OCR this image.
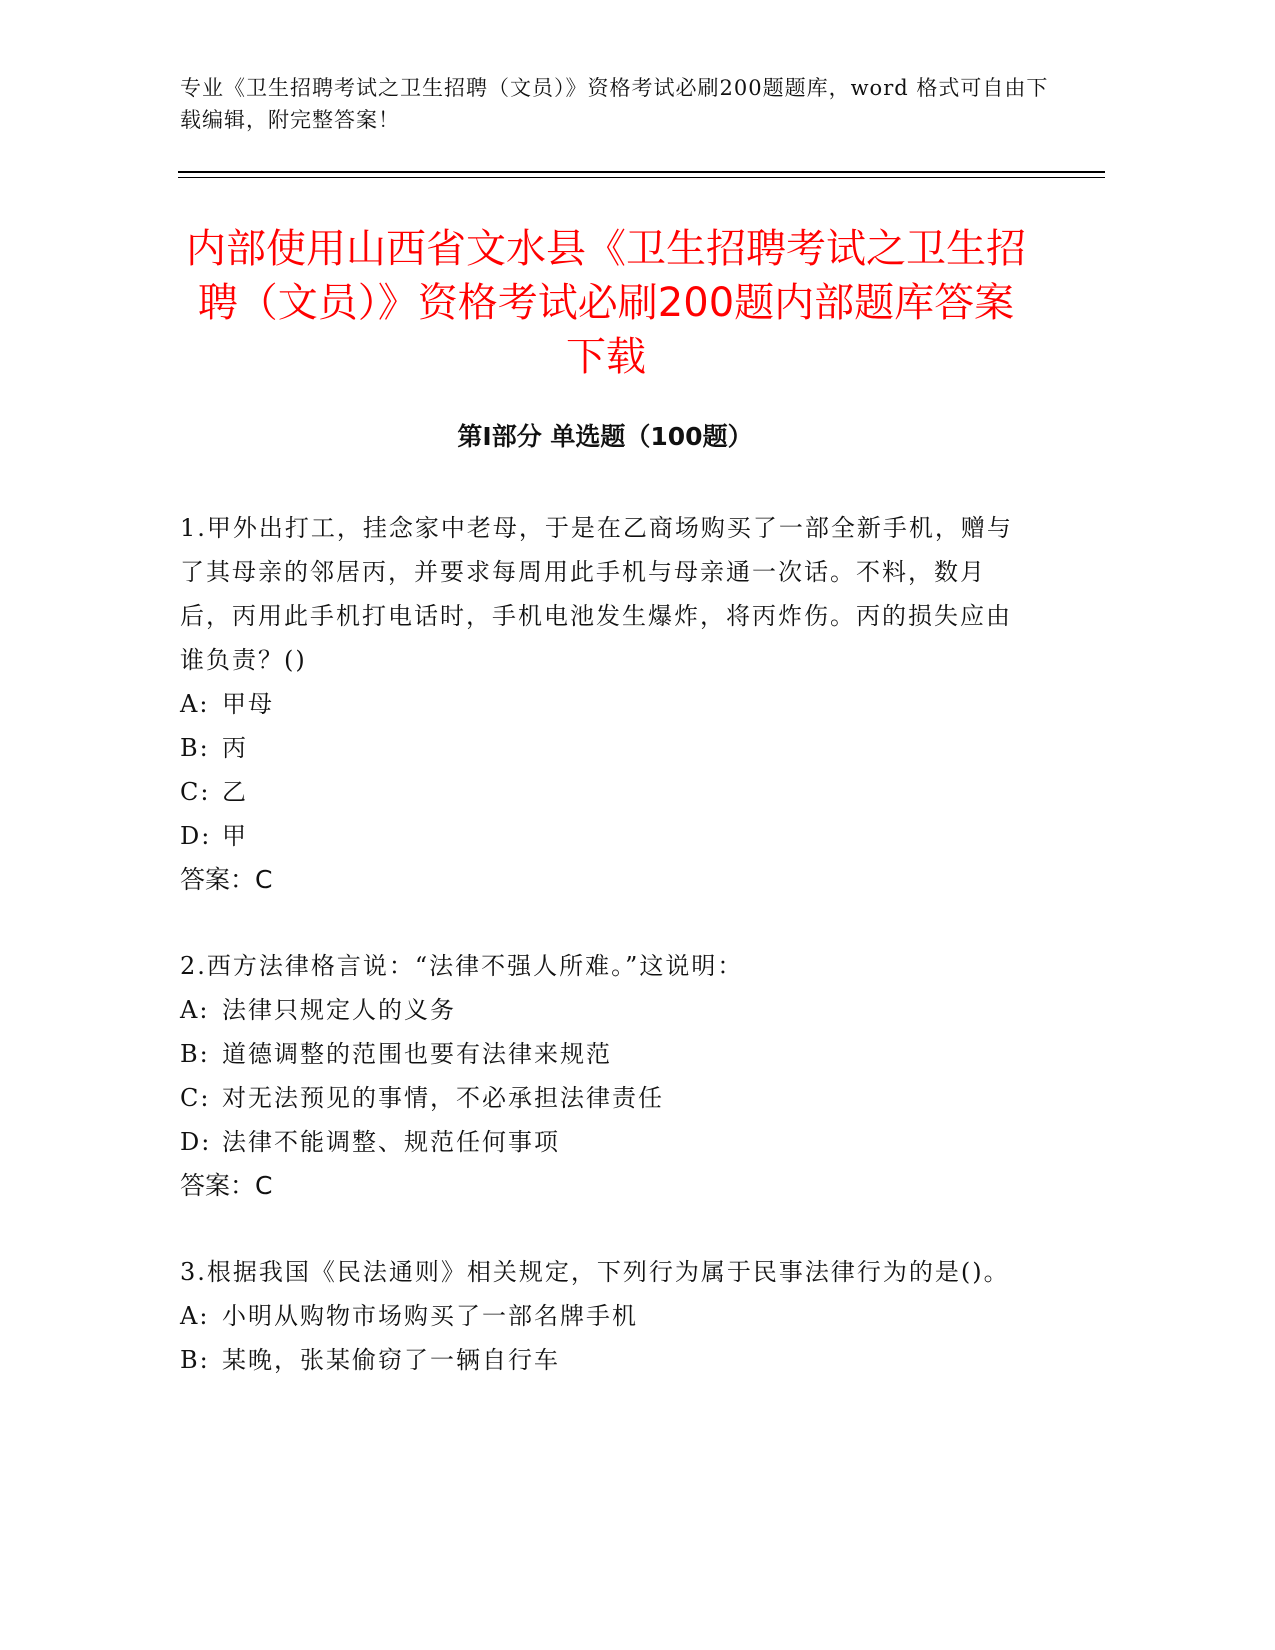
专业《卫生招聘考试之卫生招聘（文员）》资格考试必刷200题题库，word 格式可自由下载编辑，附完整答案！
内部使用山西省文水县《卫生招聘考试之卫生招聘（文员）》资格考试必刷200题内部题库答案下载
第Ⅰ部分 单选题（100题）

1.甲外出打工，挂念家中老母，于是在乙商场购买了一部全新手机，赠与了其母亲的邻居丙，并要求每周用此手机与母亲通一次话。不料，数月后，丙用此手机打电话时，手机电池发生爆炸，将丙炸伤。丙的损失应由谁负责？()

A: 甲母

B: 丙

C: 乙

D: 甲

答案：C

2.西方法律格言说：“法律不强人所难。”这说明：

A: 法律只规定人的义务

B: 道德调整的范围也要有法律来规范

C: 对无法预见的事情，不必承担法律责任

D: 法律不能调整、规范任何事项

答案：C

3.根据我国《民法通则》相关规定，下列行为属于民事法律行为的是()。

A: 小明从购物市场购买了一部名牌手机

B: 某晚，张某偷窃了一辆自行车
